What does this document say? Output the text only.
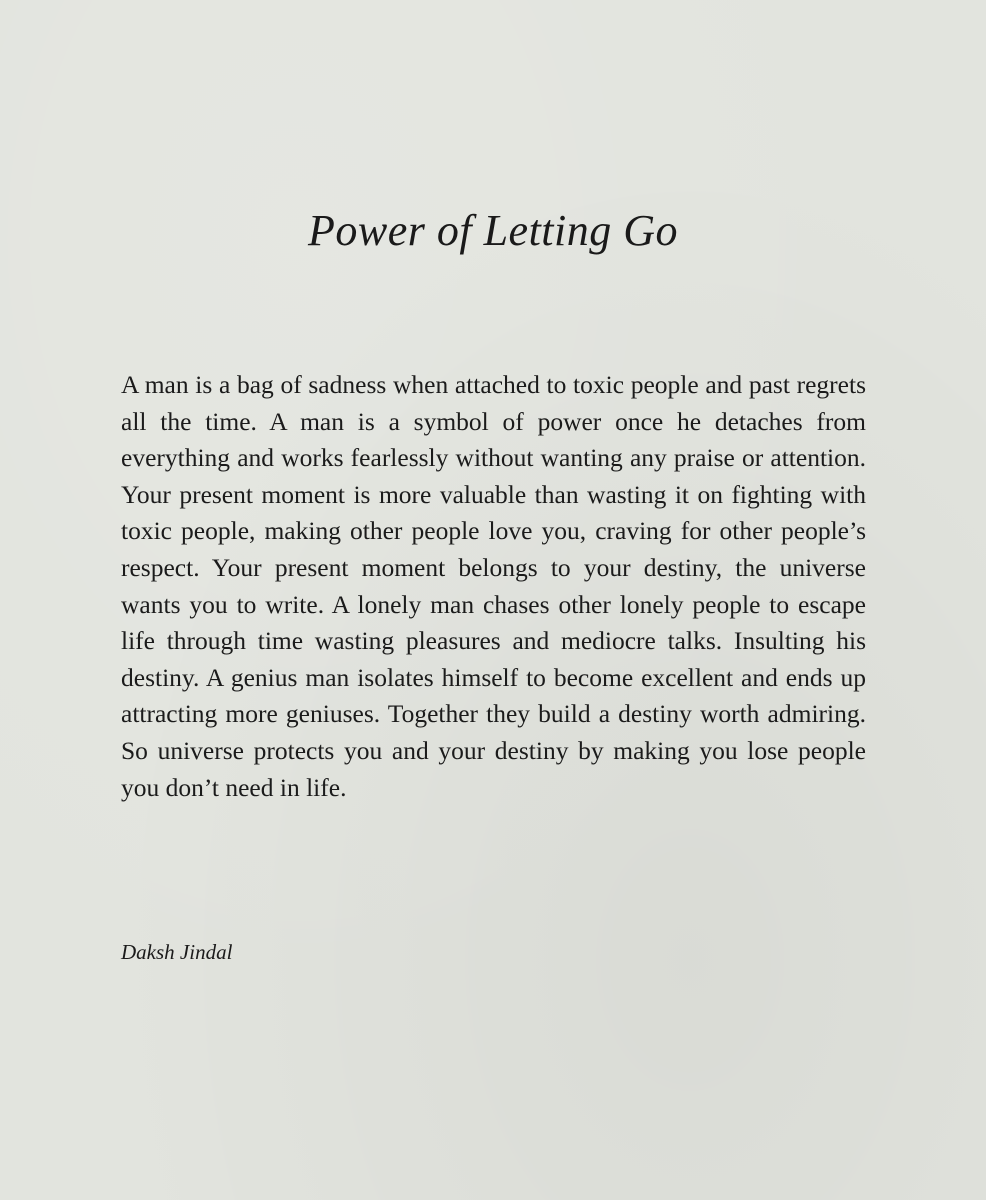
Power of Letting Go

A man is a bag of sadness when attached to toxic people and past regrets all the time. A man is a symbol of power once he detaches from everything and works fearlessly without wanting any praise or attention. Your present moment is more valuable than wasting it on fighting with toxic people, making other people love you, craving for other people’s respect. Your present moment belongs to your destiny, the universe wants you to write. A lonely man chases other lonely people to escape life through time wasting pleasures and mediocre talks. Insulting his destiny. A genius man isolates himself to become excellent and ends up attracting more geniuses. Together they build a destiny worth admiring. So universe protects you and your destiny by making you lose people you don’t need in life.

Daksh Jindal
